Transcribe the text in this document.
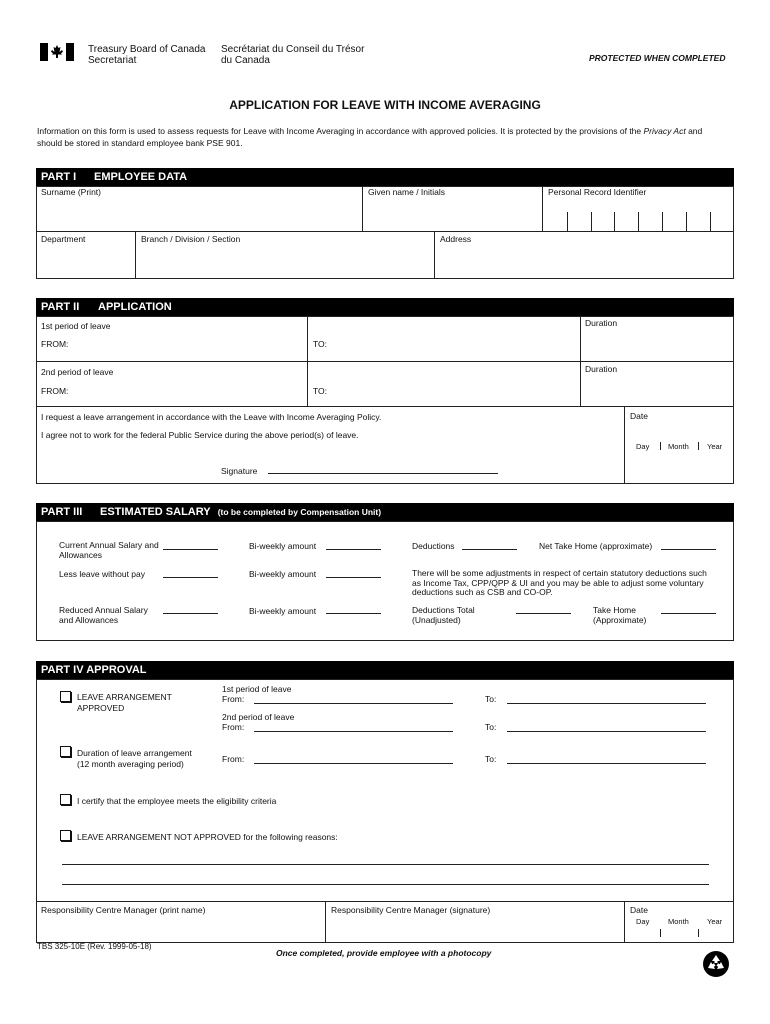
Treasury Board of Canada
Secretariat
Secrétariat du Conseil du Trésor
du Canada	PROTECTED WHEN COMPLETED
APPLICATION FOR LEAVE WITH INCOME AVERAGING
Information on this form is used to assess requests for Leave with Income Averaging in accordance with approved policies. It is protected by the provisions of the Privacy Act and
should be stored in standard employee bank PSE 901.
PART I EMPLOYEE DATA
Surname (Print)	Given name / Initials	Personal Record Identifier
Department	Branch / Division / Section	Address
PART II APPLICATION
1st period of leave
FROM:	TO:
Duration
2nd period of leave
FROM:	TO:
Duration
I request a leave arrangement in accordance with the Leave with Income Averaging Policy.
I agree not to work for the federal Public Service during the above period(s) of leave.
Signature
Date
Day Month Year
PART III ESTIMATED SALARY (to be completed by Compensation Unit)
Current Annual Salary and
Allowances
Bi-weekly amount	Deductions	Net Take Home (approximate)
Less leave without pay	Bi-weekly amount	There will be some adjustments in respect of certain statutory deductions such
as Income Tax, CPP/QPP & UI and you may be able to adjust some voluntary
deductions such as CSB and CO-OP.
Reduced Annual Salary
and Allowances
Bi-weekly amount	Deductions Total
(Unadjusted)
Take Home
(Approximate)
PART IV APPROVAL
LEAVE ARRANGEMENT
APPROVED
1st period of leave
From:	To:
2nd period of leave
From:	To:
Duration of leave arrangement
(12 month averaging period)	From:	To:
I certify that the employee meets the eligibility criteria
LEAVE ARRANGEMENT NOT APPROVED for the following reasons:
Responsibility Centre Manager (print name)	Responsibility Centre Manager (signature)	Date
Day Month Year
TBS 325-10E (Rev. 1999-05-18)
Once completed, provide employee with a photocopy
